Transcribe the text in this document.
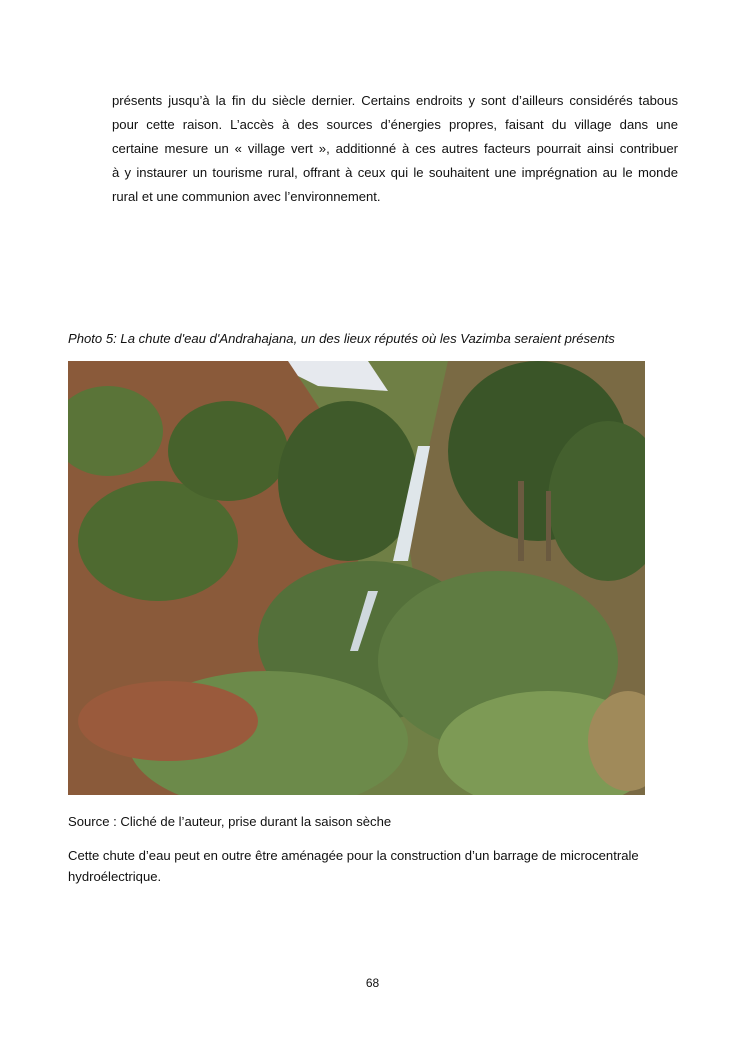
présents jusqu’à la fin du siècle dernier. Certains endroits y sont d’ailleurs considérés tabous
pour cette raison. L’accès à des sources d’énergies propres, faisant du village dans une
certaine mesure un « village vert », additionné à ces autres facteurs pourrait ainsi contribuer
à y instaurer un tourisme rural, offrant à ceux qui le souhaitent une imprégnation au le monde
rural et une communion avec l’environnement.
Photo 5: La chute d'eau d'Andrahajana, un des lieux réputés où les Vazimba seraient présents
Source : Cliché de l’auteur, prise durant la saison sèche
Cette chute d’eau peut en outre être aménagée pour la construction d’un barrage de microcentrale
hydroélectrique.
68
